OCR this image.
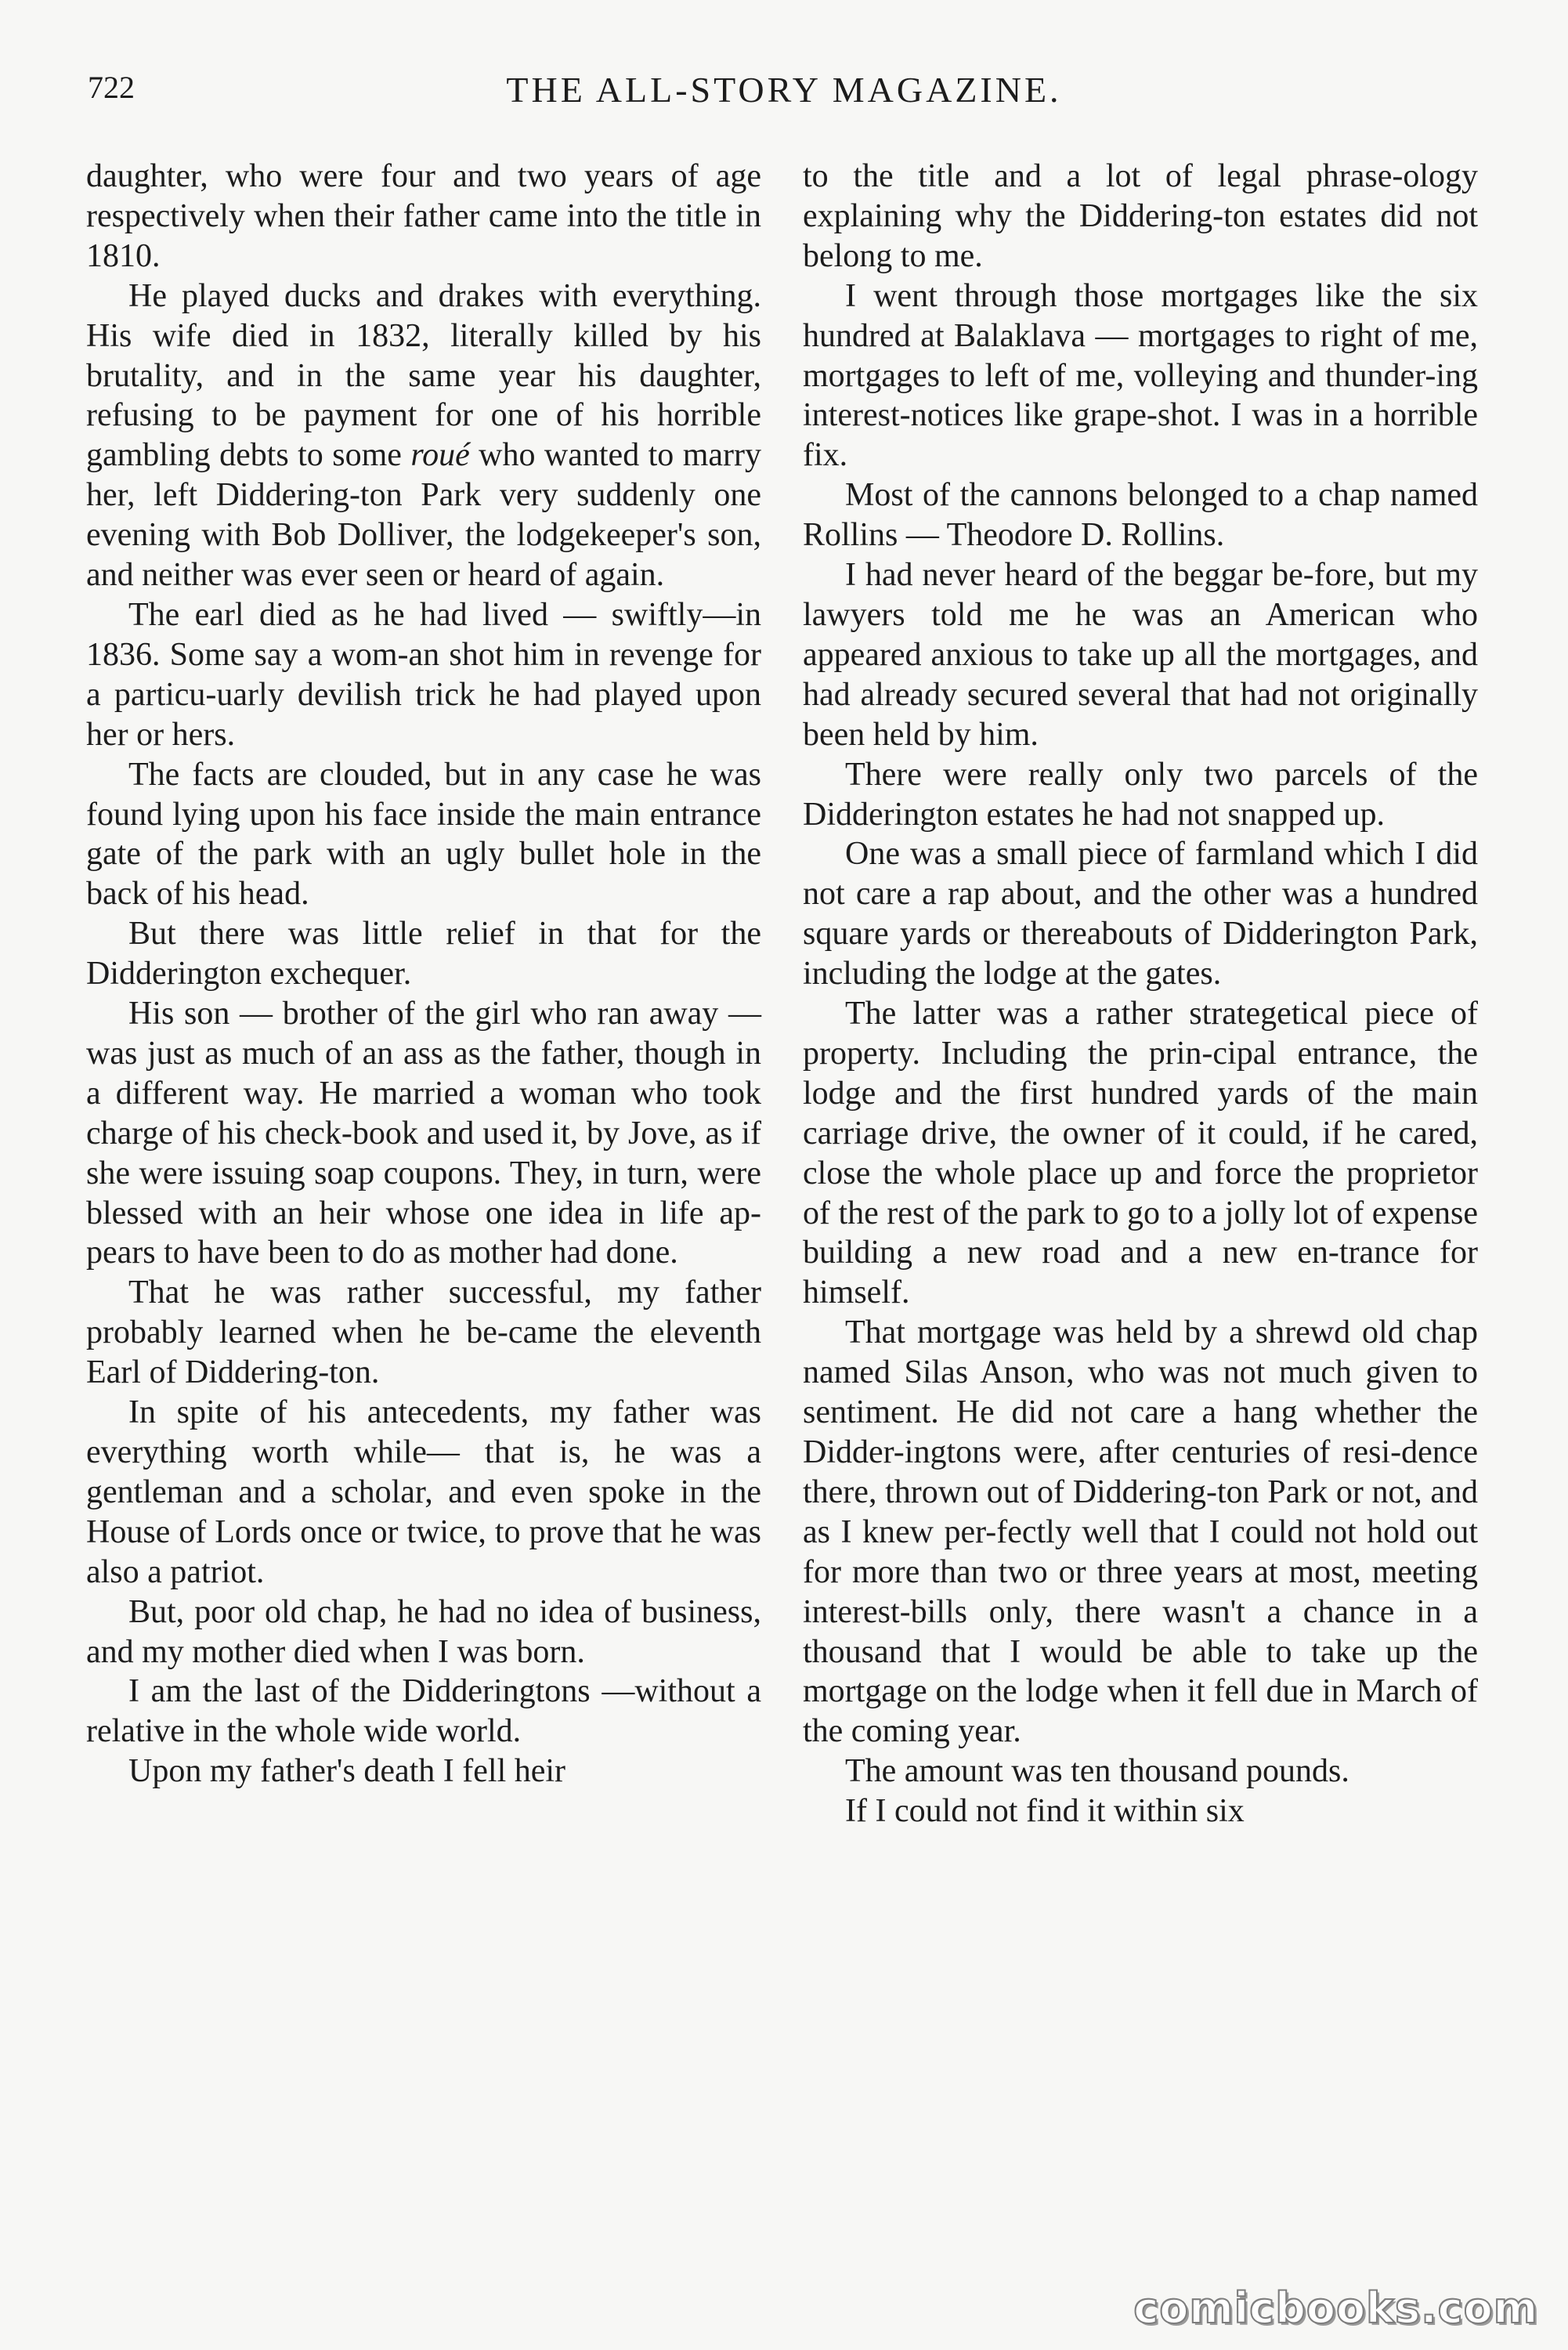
722	THE ALL-STORY MAGAZINE.

daughter, who were four and two years of age respectively when their father came into the title in 1810.

He played ducks and drakes with everything. His wife died in 1832, literally killed by his brutality, and in the same year his daughter, refusing to be payment for one of his horrible gambling debts to some roué who wanted to marry her, left Diddering-ton Park very suddenly one evening with Bob Dolliver, the lodgekeeper's son, and neither was ever seen or heard of again.

The earl died as he had lived — swiftly—in 1836. Some say a wom-an shot him in revenge for a particu-uarly devilish trick he had played upon her or hers.

The facts are clouded, but in any case he was found lying upon his face inside the main entrance gate of the park with an ugly bullet hole in the back of his head.

But there was little relief in that for the Didderington exchequer.

His son — brother of the girl who ran away — was just as much of an ass as the father, though in a different way. He married a woman who took charge of his check-book and used it, by Jove, as if she were issuing soap coupons. They, in turn, were blessed with an heir whose one idea in life ap-pears to have been to do as mother had done.

That he was rather successful, my father probably learned when he be-came the eleventh Earl of Diddering-ton.

In spite of his antecedents, my father was everything worth while— that is, he was a gentleman and a scholar, and even spoke in the House of Lords once or twice, to prove that he was also a patriot.

But, poor old chap, he had no idea of business, and my mother died when I was born.

I am the last of the Didderingtons —without a relative in the whole wide world.

Upon my father's death I fell heir

to the title and a lot of legal phrase-ology explaining why the Diddering-ton estates did not belong to me.

I went through those mortgages like the six hundred at Balaklava — mortgages to right of me, mortgages to left of me, volleying and thunder-ing interest-notices like grape-shot. I was in a horrible fix.

Most of the cannons belonged to a chap named Rollins — Theodore D. Rollins.

I had never heard of the beggar be-fore, but my lawyers told me he was an American who appeared anxious to take up all the mortgages, and had already secured several that had not originally been held by him.

There were really only two parcels of the Didderington estates he had not snapped up.

One was a small piece of farmland which I did not care a rap about, and the other was a hundred square yards or thereabouts of Didderington Park, including the lodge at the gates.

The latter was a rather strategetical piece of property. Including the prin-cipal entrance, the lodge and the first hundred yards of the main carriage drive, the owner of it could, if he cared, close the whole place up and force the proprietor of the rest of the park to go to a jolly lot of expense building a new road and a new en-trance for himself.

That mortgage was held by a shrewd old chap named Silas Anson, who was not much given to sentiment. He did not care a hang whether the Didder-ingtons were, after centuries of resi-dence there, thrown out of Diddering-ton Park or not, and as I knew per-fectly well that I could not hold out for more than two or three years at most, meeting interest-bills only, there wasn't a chance in a thousand that I would be able to take up the mortgage on the lodge when it fell due in March of the coming year.

The amount was ten thousand pounds.

If I could not find it within six

comicbooks.com
